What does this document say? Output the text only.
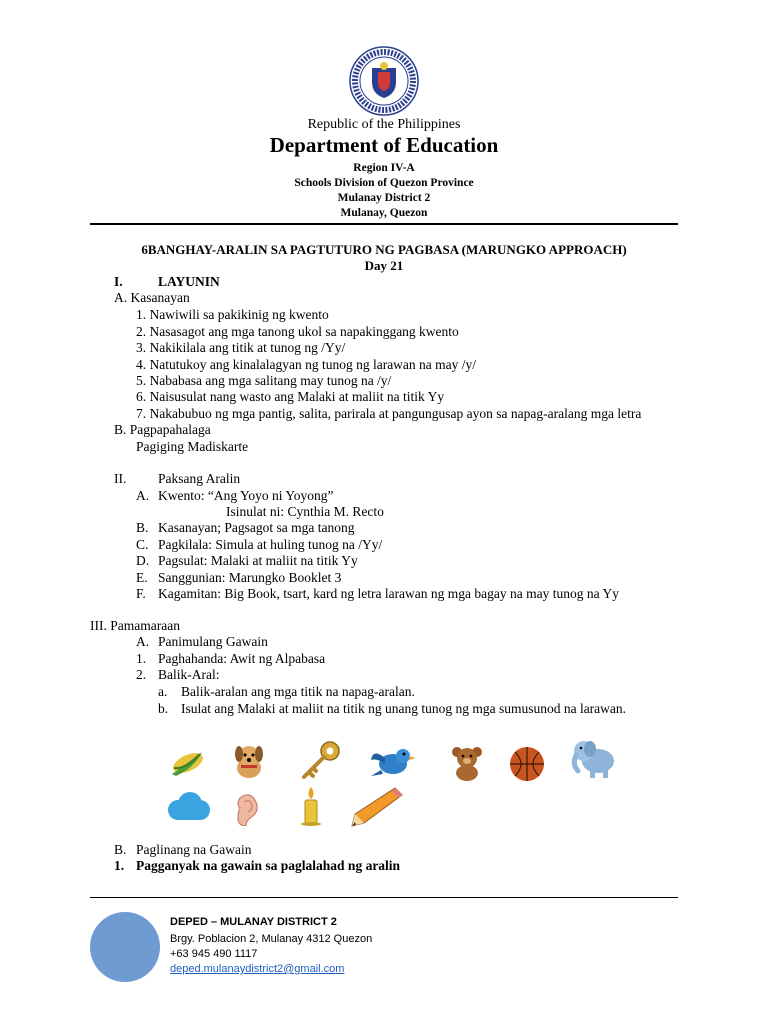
Republic of the Philippines
Department of Education
Region IV-A
Schools Division of Quezon Province
Mulanay District 2
Mulanay, Quezon
6BANGHAY-ARALIN SA PAGTUTURO NG PAGBASA (MARUNGKO APPROACH)
Day 21
I.	LAYUNIN
A. Kasanayan
1. Nawiwili sa pakikinig ng kwento
2. Nasasagot ang mga tanong ukol sa napakinggang kwento
3. Nakikilala ang titik at tunog ng /Yy/
4. Natutukoy ang kinalalagyan ng tunog ng larawan na may /y/
5. Nababasa ang mga salitang may tunog na /y/
6. Naisusulat nang wasto ang Malaki at maliit na titik Yy
7. Nakabubuo ng mga pantig, salita, parirala at pangungusap ayon sa napag-aralang mga letra
B. Pagpapahalaga
Pagiging Madiskarte
II. Paksang Aralin
A. Kwento: “Ang Yoyo ni Yoyong”
Isinulat ni: Cynthia M. Recto
B. Kasanayan; Pagsagot sa mga tanong
C. Pagkilala: Simula at huling tunog na /Yy/
D. Pagsulat: Malaki at maliit na titik Yy
E. Sanggunian: Marungko Booklet 3
F. Kagamitan: Big Book, tsart, kard ng letra larawan ng mga bagay na may tunog na Yy
III. Pamamaraan
A. Panimulang Gawain
1. Paghahanda: Awit ng Alpabasa
2. Balik-Aral:
a. Balik-aralan ang mga titik na napag-aralan.
b. Isulat ang Malaki at maliit na titik ng unang tunog ng mga sumusunod na larawan.
B. Paglinang na Gawain
1. Pagganyak na gawain sa paglalahad ng aralin
DEPED – MULANAY DISTRICT 2
Brgy. Poblacion 2, Mulanay 4312 Quezon
+63 945 490 1117
deped.mulanaydistrict2@gmail.com
